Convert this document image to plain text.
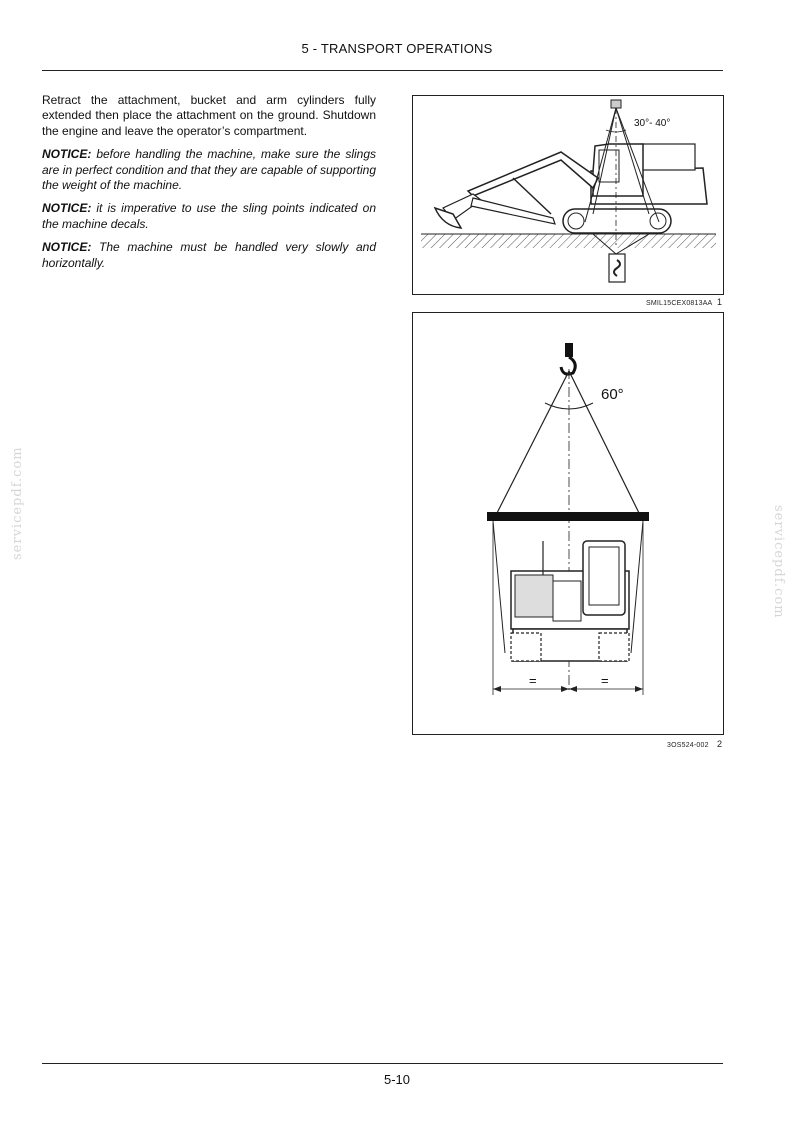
5 - TRANSPORT OPERATIONS

Retract the attachment, bucket and arm cylinders fully extended then place the attachment on the ground. Shutdown the engine and leave the operator’s compartment.

NOTICE: before handling the machine, make sure the slings are in perfect condition and that they are capable of supporting the weight of the machine.

NOTICE: it is imperative to use the sling points indicated on the machine decals.

NOTICE: The machine must be handled very slowly and horizontally.

30°- 40°
SMIL15CEX0813AA 1
60°
=	=
3OS524-002 2
servicepdf.com
servicepdf.com
5-10
